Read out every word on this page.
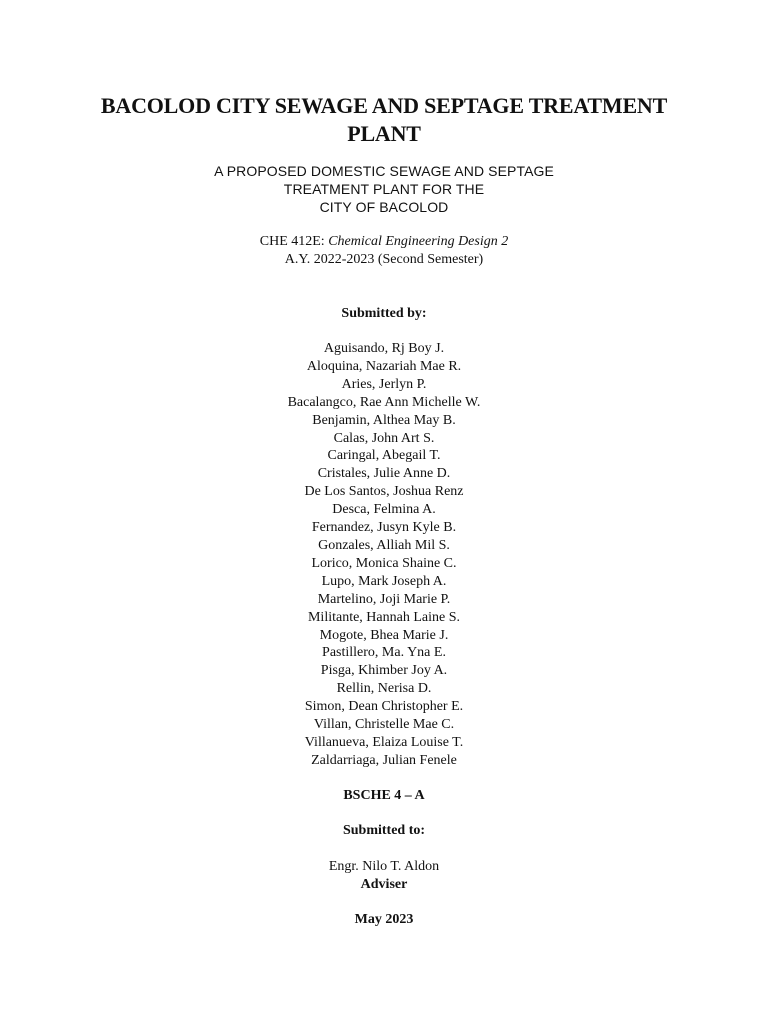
BACOLOD CITY SEWAGE AND SEPTAGE TREATMENT PLANT

A PROPOSED DOMESTIC SEWAGE AND SEPTAGE
TREATMENT PLANT FOR THE
CITY OF BACOLOD

CHE 412E: Chemical Engineering Design 2
A.Y. 2022-2023 (Second Semester)

Submitted by:

Aguisando, Rj Boy J.
Aloquina, Nazariah Mae R.
Aries, Jerlyn P.
Bacalangco, Rae Ann Michelle W.
Benjamin, Althea May B.
Calas, John Art S.
Caringal, Abegail T.
Cristales, Julie Anne D.
De Los Santos, Joshua Renz
Desca, Felmina A.
Fernandez, Jusyn Kyle B.
Gonzales, Alliah Mil S.
Lorico, Monica Shaine C.
Lupo, Mark Joseph A.
Martelino, Joji Marie P.
Militante, Hannah Laine S.
Mogote, Bhea Marie J.
Pastillero, Ma. Yna E.
Pisga, Khimber Joy A.
Rellin, Nerisa D.
Simon, Dean Christopher E.
Villan, Christelle Mae C.
Villanueva, Elaiza Louise T.
Zaldarriaga, Julian Fenele

BSCHE 4 – A

Submitted to:

Engr. Nilo T. Aldon

Adviser

May 2023
